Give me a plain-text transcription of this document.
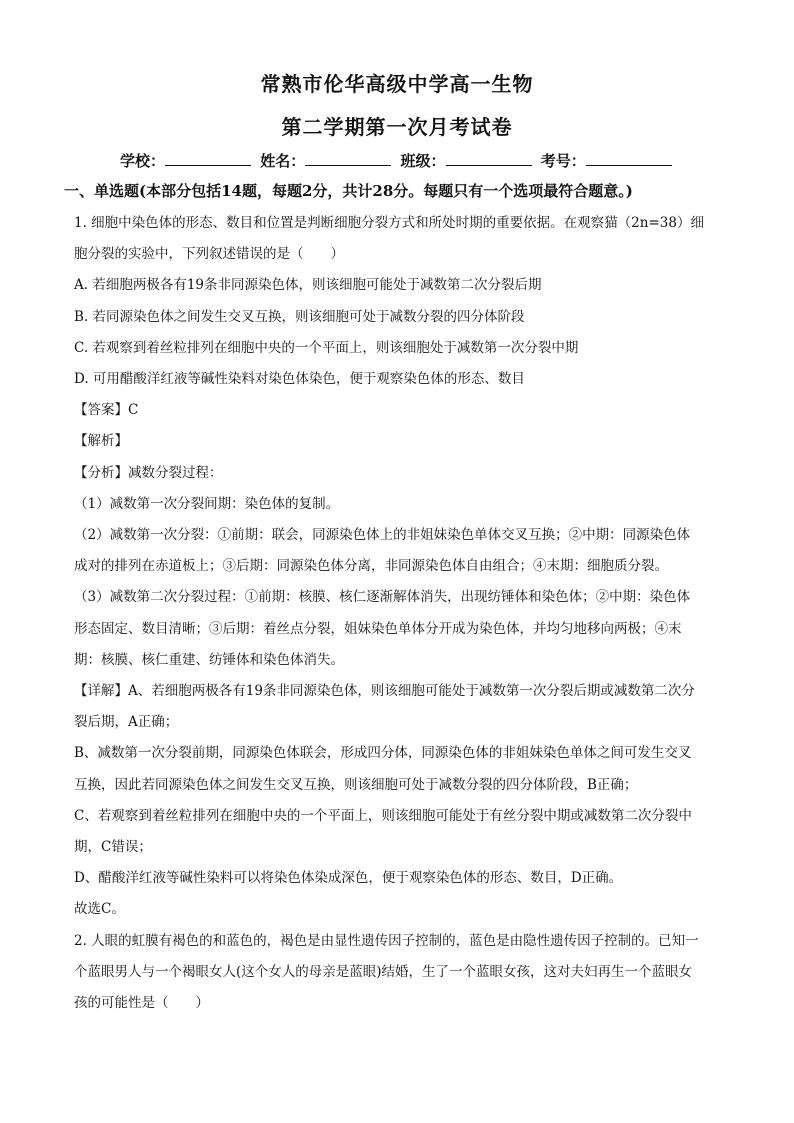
常熟市伦华高级中学高一生物
第二学期第一次月考试卷
学校：	姓名：	班级：	考号：
一、单选题(本部分包括14题，每题2分，共计28分。每题只有一个选项最符合题意。)
1. 细胞中染色体的形态、数目和位置是判断细胞分裂方式和所处时期的重要依据。在观察猫（2n=38）细
胞分裂的实验中，下列叙述错误的是（　　）
A. 若细胞两极各有19条非同源染色体，则该细胞可能处于减数第二次分裂后期
B. 若同源染色体之间发生交叉互换，则该细胞可处于减数分裂的四分体阶段
C. 若观察到着丝粒排列在细胞中央的一个平面上，则该细胞处于减数第一次分裂中期
D. 可用醋酸洋红液等碱性染料对染色体染色，便于观察染色体的形态、数目
【答案】C
【解析】
【分析】减数分裂过程：
（1）减数第一次分裂间期：染色体的复制。
（2）减数第一次分裂：①前期：联会，同源染色体上的非姐妹染色单体交叉互换；②中期：同源染色体
成对的排列在赤道板上；③后期：同源染色体分离，非同源染色体自由组合；④末期：细胞质分裂。
（3）减数第二次分裂过程：①前期：核膜、核仁逐渐解体消失，出现纺锤体和染色体；②中期：染色体
形态固定、数目清晰；③后期：着丝点分裂，姐妹染色单体分开成为染色体，并均匀地移向两极；④末
期：核膜、核仁重建、纺锤体和染色体消失。
【详解】A、若细胞两极各有19条非同源染色体，则该细胞可能处于减数第一次分裂后期或减数第二次分
裂后期，A正确；
B、减数第一次分裂前期，同源染色体联会，形成四分体，同源染色体的非姐妹染色单体之间可发生交叉
互换，因此若同源染色体之间发生交叉互换，则该细胞可处于减数分裂的四分体阶段，B正确；
C、若观察到着丝粒排列在细胞中央的一个平面上，则该细胞可能处于有丝分裂中期或减数第二次分裂中
期，C错误；
D、醋酸洋红液等碱性染料可以将染色体染成深色，便于观察染色体的形态、数目，D正确。
故选C。
2. 人眼的虹膜有褐色的和蓝色的，褐色是由显性遗传因子控制的，蓝色是由隐性遗传因子控制的。已知一
个蓝眼男人与一个褐眼女人(这个女人的母亲是蓝眼)结婚，生了一个蓝眼女孩，这对夫妇再生一个蓝眼女
孩的可能性是（　　）
